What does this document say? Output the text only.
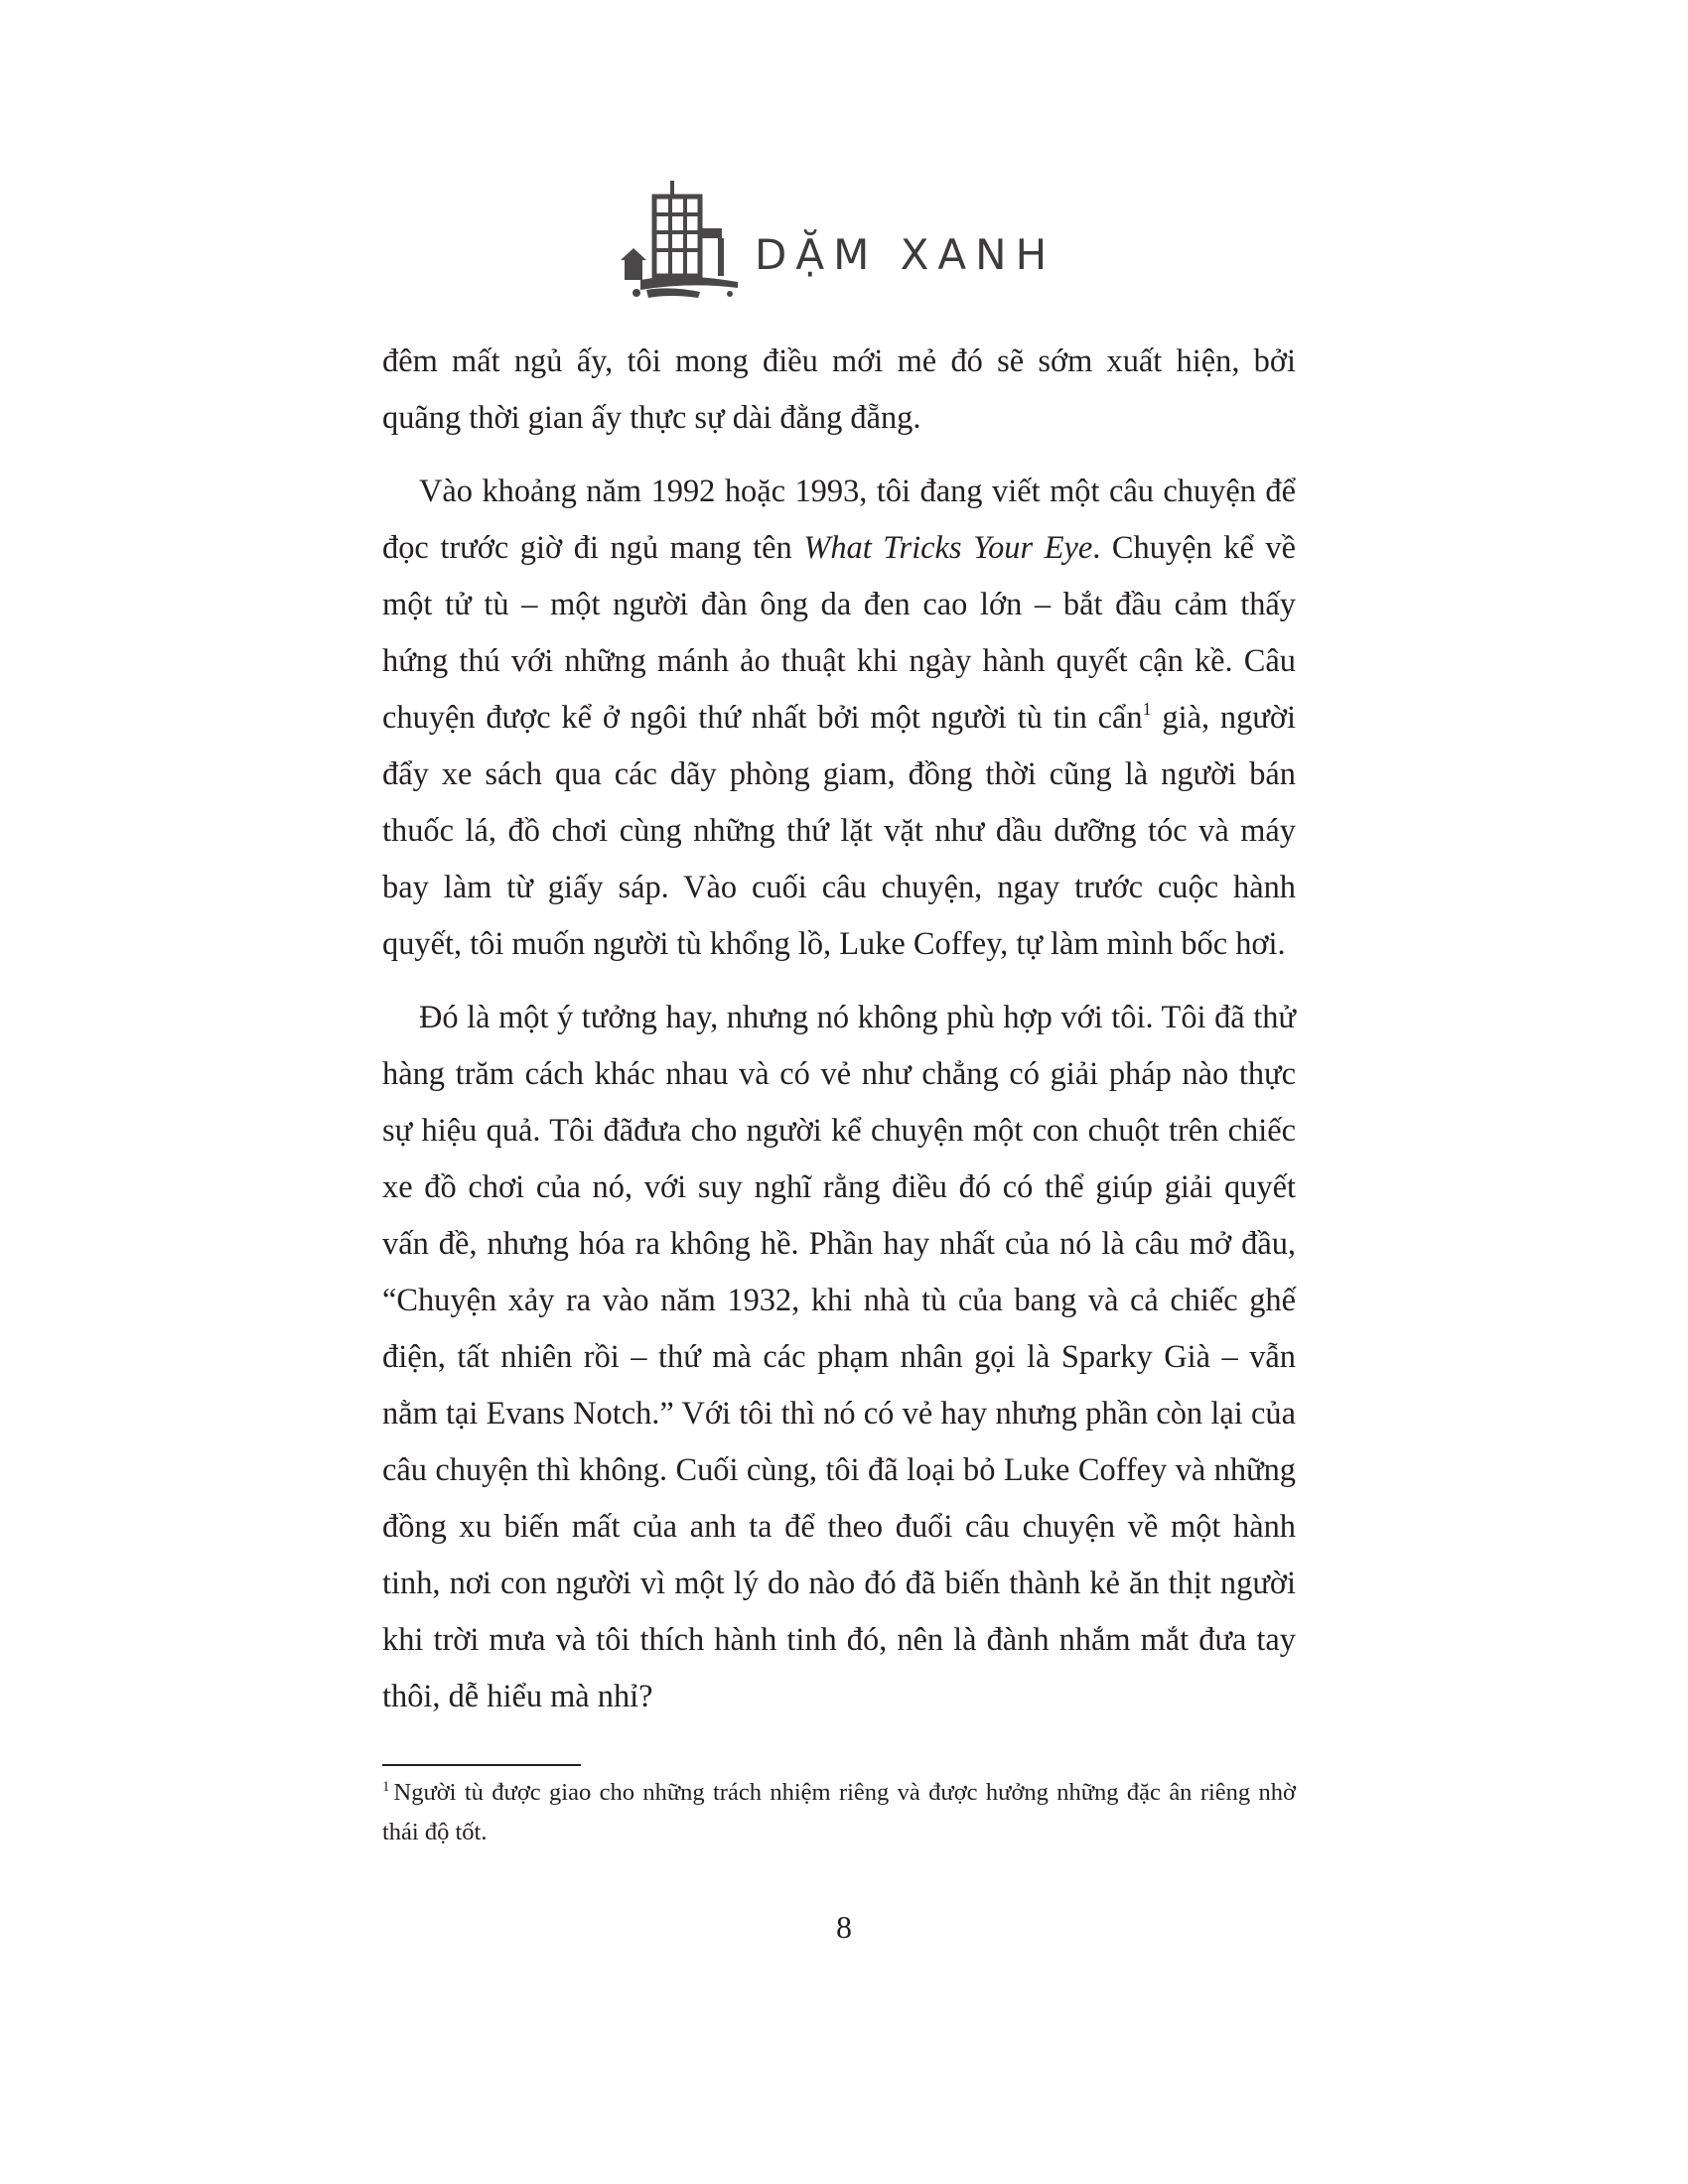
DẶM XANH

đêm mất ngủ ấy, tôi mong điều mới mẻ đó sẽ sớm xuất hiện, bởi quãng thời gian ấy thực sự dài đằng đẵng.

Vào khoảng năm 1992 hoặc 1993, tôi đang viết một câu chuyện để đọc trước giờ đi ngủ mang tên What Tricks Your Eye. Chuyện kể về một tử tù – một người đàn ông da đen cao lớn – bắt đầu cảm thấy hứng thú với những mánh ảo thuật khi ngày hành quyết cận kề. Câu chuyện được kể ở ngôi thứ nhất bởi một người tù tin cẩn$^1$ già, người đẩy xe sách qua các dãy phòng giam, đồng thời cũng là người bán thuốc lá, đồ chơi cùng những thứ lặt vặt như dầu dưỡng tóc và máy bay làm từ giấy sáp. Vào cuối câu chuyện, ngay trước cuộc hành quyết, tôi muốn người tù khổng lồ, Luke Coffey, tự làm mình bốc hơi.

Đó là một ý tưởng hay, nhưng nó không phù hợp với tôi. Tôi đã thử hàng trăm cách khác nhau và có vẻ như chẳng có giải pháp nào thực sự hiệu quả. Tôi đãđưa cho người kể chuyện một con chuột trên chiếc xe đồ chơi của nó, với suy nghĩ rằng điều đó có thể giúp giải quyết vấn đề, nhưng hóa ra không hề. Phần hay nhất của nó là câu mở đầu, “Chuyện xảy ra vào năm 1932, khi nhà tù của bang và cả chiếc ghế điện, tất nhiên rồi – thứ mà các phạm nhân gọi là Sparky Già – vẫn nằm tại Evans Notch.” Với tôi thì nó có vẻ hay nhưng phần còn lại của câu chuyện thì không. Cuối cùng, tôi đã loại bỏ Luke Coffey và những đồng xu biến mất của anh ta để theo đuổi câu chuyện về một hành tinh, nơi con người vì một lý do nào đó đã biến thành kẻ ăn thịt người khi trời mưa và tôi thích hành tinh đó, nên là đành nhắm mắt đưa tay thôi, dễ hiểu mà nhỉ?

$^1$ Người tù được giao cho những trách nhiệm riêng và được hưởng những đặc ân riêng nhờ thái độ tốt.
8
